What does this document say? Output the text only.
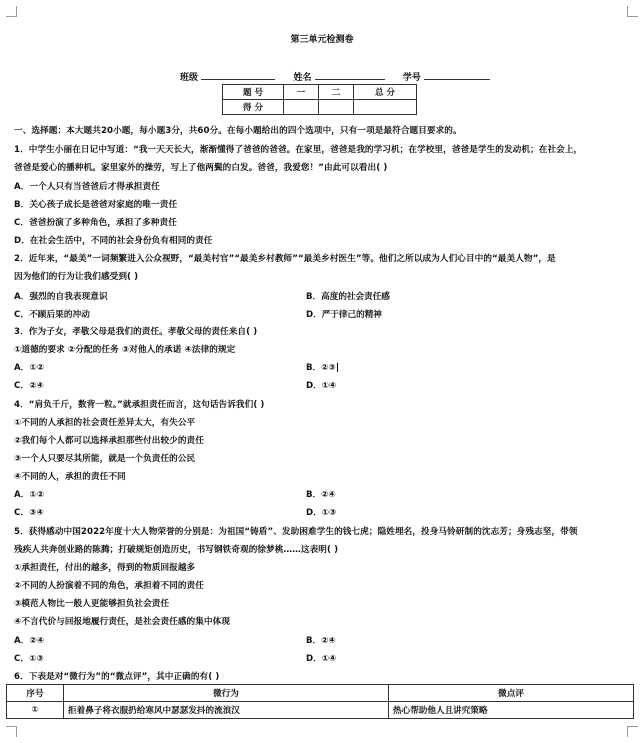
第三单元检测卷
班级	姓名	学号
题 号	一	二	总 分
得 分			
一、选择题：本大题共20小题，每小题3分，共60分。在每小题给出的四个选项中，只有一项是最符合题目要求的。
1．中学生小丽在日记中写道：“我一天天长大，渐渐懂得了爸爸的爸爸。在家里，爸爸是我的学习机；在学校里，爸爸是学生的发动机；在社会上，
爸爸是爱心的播种机。家里家外的操劳，写上了他两鬓的白发。爸爸，我爱您！”由此可以看出( )
A．一个人只有当爸爸后才得承担责任
B．关心孩子成长是爸爸对家庭的唯一责任
C．爸爸扮演了多种角色，承担了多种责任
D．在社会生活中，不同的社会身份负有相同的责任
2．近年来，“最美”一词频繁进入公众视野，“最美村官”“最美乡村教师”“最美乡村医生”等。他们之所以成为人们心目中的“最美人物”，是
因为他们的行为让我们感受到( )
A．强烈的自我表现意识	B．高度的社会责任感
C．不顾后果的冲动	D．严于律己的精神
3．作为子女，孝敬父母是我们的责任。孝敬父母的责任来自( )
①道德的要求 ②分配的任务 ③对他人的承诺 ④法律的规定
A．①②	B．②③
C．②④	D．①④
4．“肩负千斤，数背一粒。”就承担责任而言，这句话告诉我们( )
①不同的人承担的社会责任差异太大，有失公平
②我们每个人都可以选择承担那些付出较少的责任
③一个人只要尽其所能，就是一个负责任的公民
④不同的人，承担的责任不同
A．①②	B．②④
C．③④	D．①③
5．获得感动中国2022年度十大人物荣誉的分别是：为祖国“铸盾”、发助困难学生的钱七虎；隐姓埋名，投身马铃研制的沈志芳；身残志坚，带领
残疾人共奔创业路的陈腾；打破规矩创造历史，书写钢铁奇观的徐梦桃……这表明( )
①承担责任，付出的越多，得到的物质回报越多
②不同的人扮演着不同的角色，承担着不同的责任
③模范人物比一般人更能够担负社会责任
④不言代价与回报地履行责任，是社会责任感的集中体现
A．②④	B．②④
C．①③	D．①④
6．下表是对“微行为”的“微点评”，其中正确的有( )
序号	微行为	微点评
①	拒着鼻子将衣服扔给寒风中瑟瑟发抖的流浪汉	热心帮助他人且讲究策略
